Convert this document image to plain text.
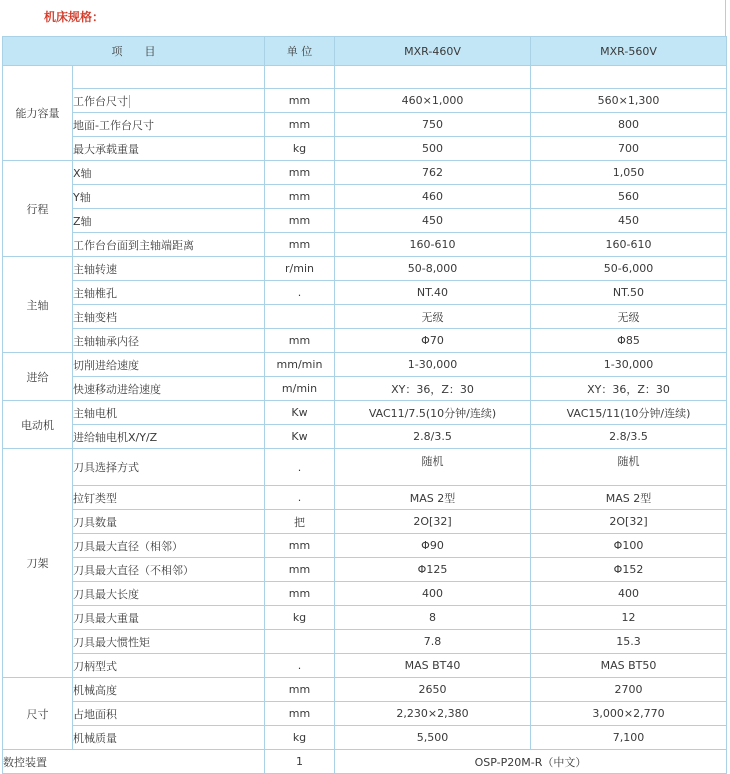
机床规格：
项　　目		单 位	MXR-460V	MXR-560V
能力容量				
	工作台尺寸	mm	460×1,000	560×1,300
	地面-工作台尺寸	mm	750	800
	最大承载重量	kg	500	700
行程	X轴	mm	762	1,050
	Y轴	mm	460	560
	Z轴	mm	450	450
	工作台台面到主轴端距离	mm	160-610	160-610
主轴	主轴转速	r/min	50-8,000	50-6,000
	主轴椎孔	.	NT.40	NT.50
	主轴变档		无级	无级
	主轴轴承内径	mm	Φ70	Φ85
进给	切削进给速度	mm/min	1-30,000	1-30,000
	快速移动进给速度	m/min	XY：36，Z：30	XY：36，Z：30
电动机	主轴电机	Kw	VAC11/7.5(10分钟/连续)	VAC15/11(10分钟/连续)
	进给轴电机X/Y/Z	Kw	2.8/3.5	2.8/3.5
刀架	刀具选择方式	.	随机	随机
	拉钉类型	.	MAS 2型	MAS 2型
	刀具数量	把	2O[32]	2O[32]
	刀具最大直径（相邻）	mm	Φ90	Φ100
	刀具最大直径（不相邻）	mm	Φ125	Φ152
	刀具最大长度	mm	400	400
	刀具最大重量	kg	8	12
	刀具最大惯性矩		7.8	15.3
	刀柄型式	.	MAS BT40	MAS BT50
尺寸	机械高度	mm	2650	2700
	占地面积	mm	2,230×2,380	3,000×2,770
	机械质量	kg	5,500	7,100
数控装置		1	OSP-P20M-R（中文）	
